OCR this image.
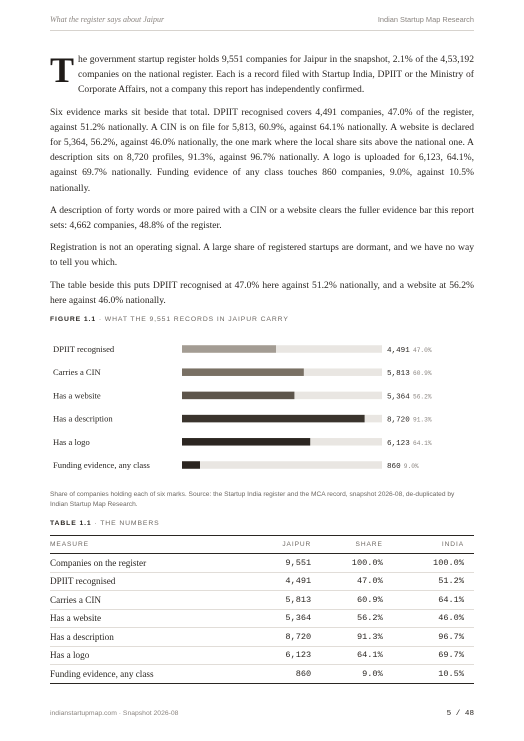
What the register says about Jaipur	Indian Startup Map Research

The government startup register holds 9,551 companies for Jaipur in the snapshot, 2.1% of the 4,53,192 companies on the national register. Each is a record filed with Startup India, DPIIT or the Ministry of Corporate Affairs, not a company this report has independently confirmed.

Six evidence marks sit beside that total. DPIIT recognised covers 4,491 companies, 47.0% of the register, against 51.2% nationally. A CIN is on file for 5,813, 60.9%, against 64.1% nationally. A website is declared for 5,364, 56.2%, against 46.0% nationally, the one mark where the local share sits above the national one. A description sits on 8,720 profiles, 91.3%, against 96.7% nationally. A logo is uploaded for 6,123, 64.1%, against 69.7% nationally. Funding evidence of any class touches 860 companies, 9.0%, against 10.5% nationally.

A description of forty words or more paired with a CIN or a website clears the fuller evidence bar this report sets: 4,662 companies, 48.8% of the register.

Registration is not an operating signal. A large share of registered startups are dormant, and we have no way to tell you which.

The table beside this puts DPIIT recognised at 47.0% here against 51.2% nationally, and a website at 56.2% here against 46.0% nationally.

FIGURE 1.1 · WHAT THE 9,551 RECORDS IN JAIPUR CARRY
DPIIT recognised	4,491 47.0%
Carries a CIN	5,813 60.9%
Has a website	5,364 56.2%
Has a description	8,720 91.3%
Has a logo	6,123 64.1%
Funding evidence, any class	860 9.0%
Share of companies holding each of six marks. Source: the Startup India register and the MCA record, snapshot 2026-08, de-duplicated by Indian Startup Map Research.
TABLE 1.1 · THE NUMBERS
MEASURE	JAIPUR	SHARE	INDIA
Companies on the register	9,551	100.0%	100.0%
DPIIT recognised	4,491	47.0%	51.2%
Carries a CIN	5,813	60.9%	64.1%
Has a website	5,364	56.2%	46.0%
Has a description	8,720	91.3%	96.7%
Has a logo	6,123	64.1%	69.7%
Funding evidence, any class	860	9.0%	10.5%
indianstartupmap.com · Snapshot 2026-08	5 / 48
